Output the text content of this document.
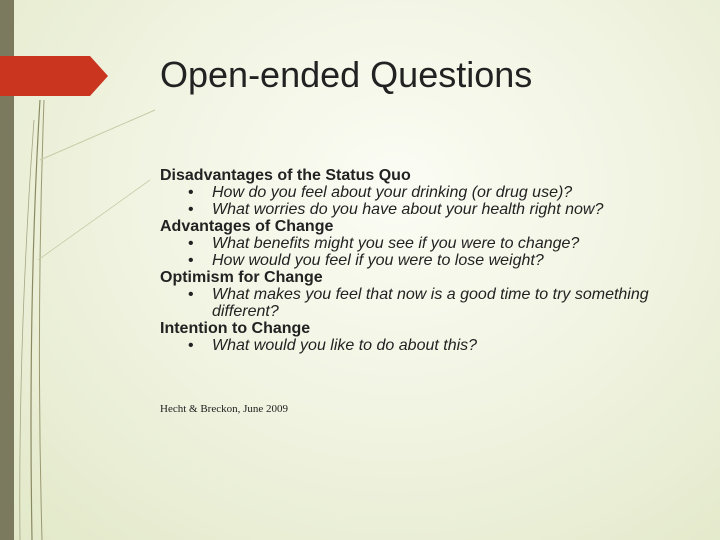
Open-ended Questions
Disadvantages of the Status Quo
• How do you feel about your drinking (or drug use)?
• What worries do you have about your health right now?
Advantages of Change
• What benefits might you see if you were to change?
• How would you feel if you were to lose weight?
Optimism for Change
• What makes you feel that now is a good time to try something different?
Intention to Change
• What would you like to do about this?
Hecht & Breckon, June 2009
